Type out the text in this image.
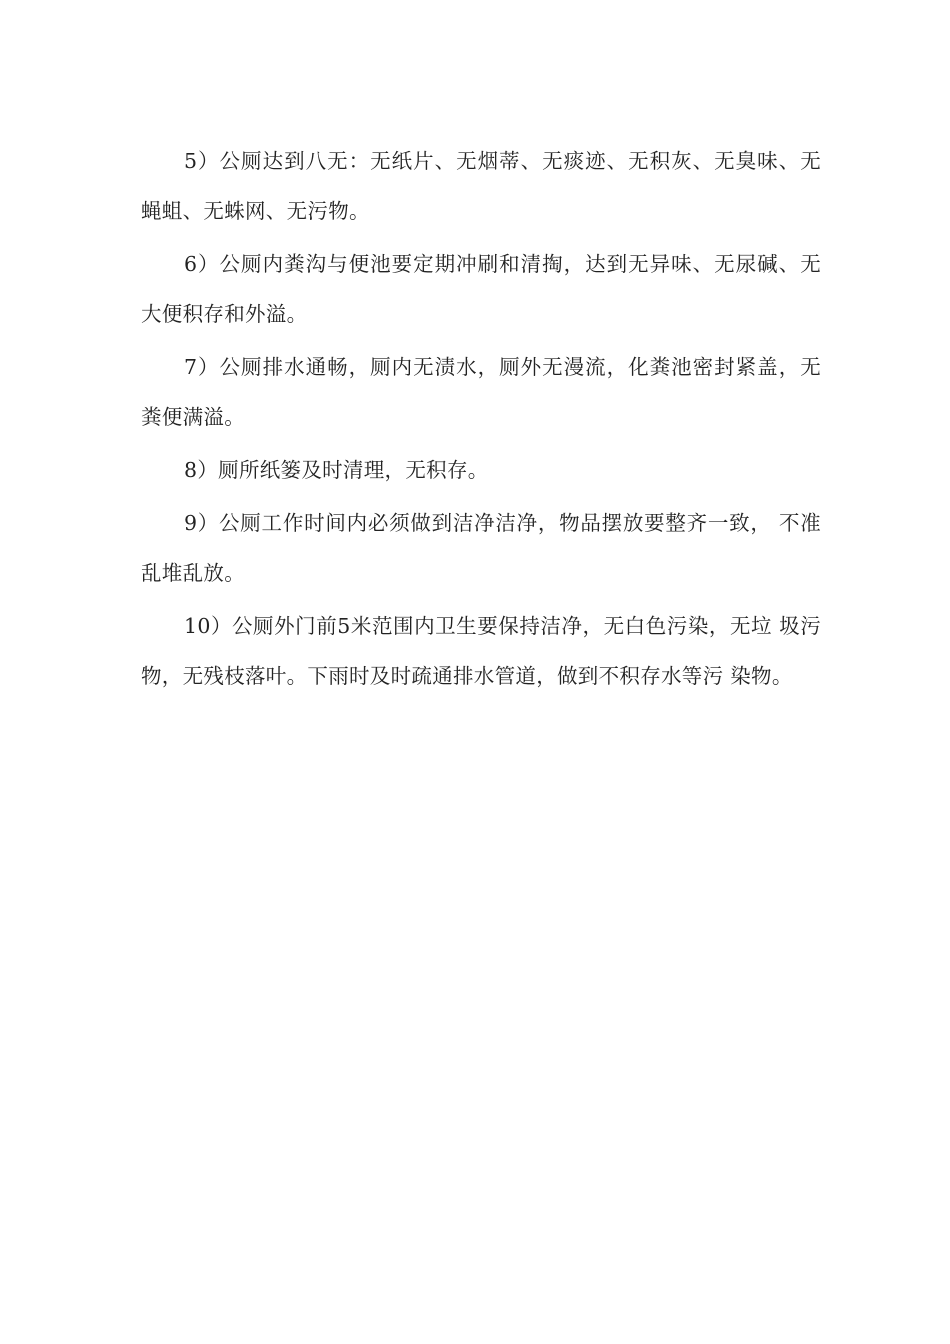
5）公厕达到八无：无纸片、无烟蒂、无痰迹、无积灰、无臭味、无蝇蛆、无蛛网、无污物。

6）公厕内粪沟与便池要定期冲刷和清掏，达到无异味、无尿碱、无大便积存和外溢。

7）公厕排水通畅，厕内无渍水，厕外无漫流，化粪池密封紧盖，无粪便满溢。

8）厕所纸篓及时清理，无积存。

9）公厕工作时间内必须做到洁净洁净，物品摆放要整齐一致， 不准乱堆乱放。

10）公厕外门前5米范围内卫生要保持洁净，无白色污染，无垃 圾污物，无残枝落叶。下雨时及时疏通排水管道，做到不积存水等污 染物。
